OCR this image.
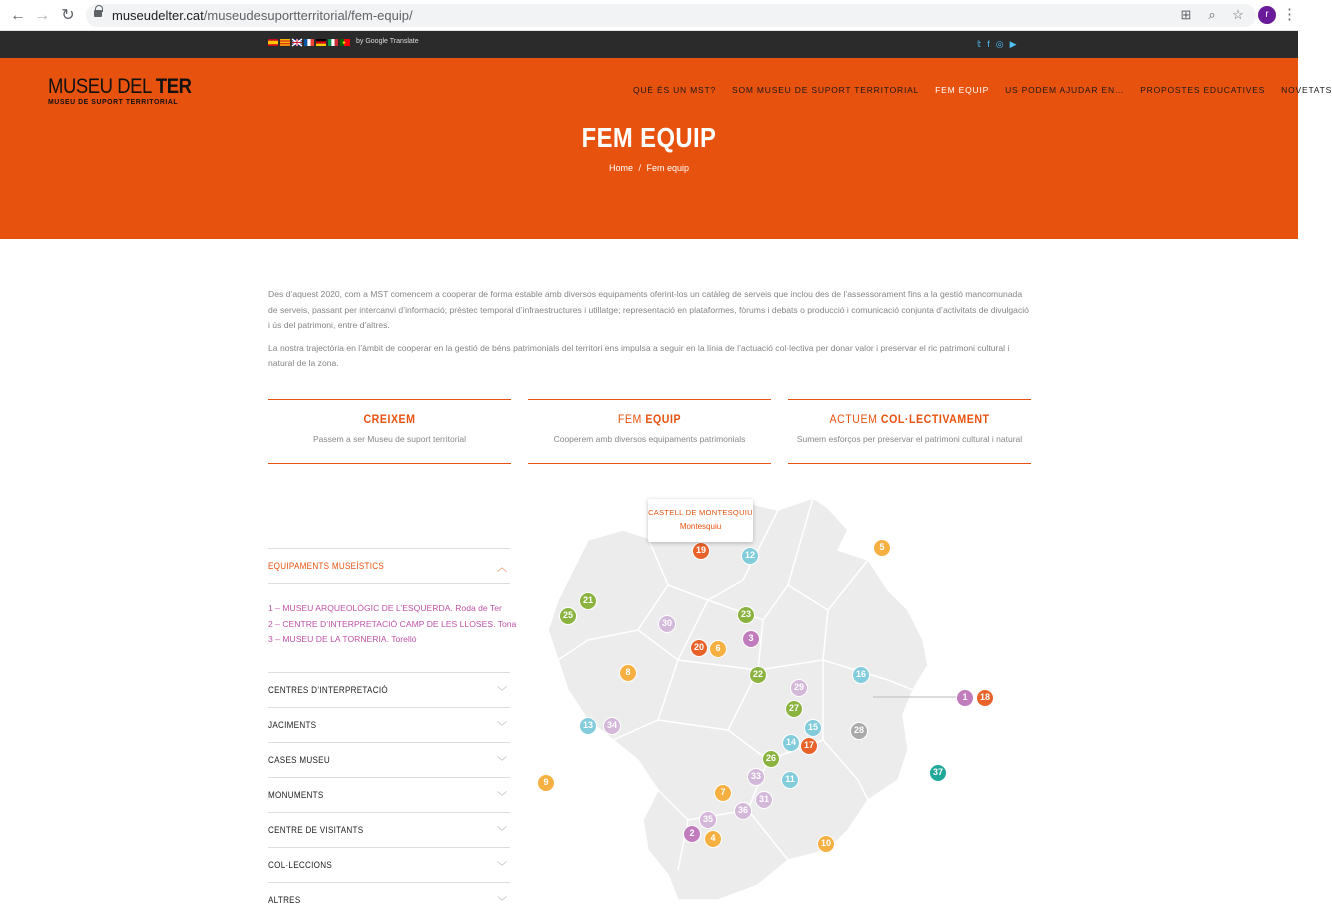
← → ↻	museudelter.cat/museudesuportterritorial/fem-equip/	⊞	⌕	☆	r ⋮
by Google Translate	𝕥 f ◎ ▶
MUSEU DEL TER
MUSEU DE SUPORT TERRITORIAL
QUÈ ÉS UN MST? SOM MUSEU DE SUPORT TERRITORIAL FEM EQUIP US PODEM AJUDAR EN… PROPOSTES EDUCATIVES NOVETATS
FEM EQUIP
Home / Fem equip

Des d’aquest 2020, com a MST comencem a cooperar de forma estable amb diversos equipaments oferint-los un catàleg de serveis que inclou des de l’assessorament fins a la gestió mancomunada de serveis, passant per intercanvi d’informació; préstec temporal d’infraestructures i utillatge; representació en plataformes, fòrums i debats o producció i comunicació conjunta d’activitats de divulgació i ús del patrimoni, entre d’altres.

La nostra trajectòria en l’àmbit de cooperar en la gestió de béns patrimonials del territori ens impulsa a seguir en la línia de l’actuació col·lectiva per donar valor i preservar el ric patrimoni cultural i natural de la zona.

CREIXEM
Passem a ser Museu de suport territorial
FEM EQUIP
Cooperem amb diversos equipaments patrimonials
ACTUEM COL·LECTIVAMENT
Sumem esforços per preservar el patrimoni cultural i natural
EQUIPAMENTS MUSEÍSTICS	︿
1 – MUSEU ARQUEOLÒGIC DE L’ESQUERDA. Roda de Ter
2 – CENTRE D’INTERPRETACIÓ CAMP DE LES LLOSES. Tona
3 – MUSEU DE LA TORNERIA. Torelló
CENTRES D’INTERPRETACIÓ	﹀
JACIMENTS	﹀
CASES MUSEU	﹀
MONUMENTS	﹀
CENTRE DE VISITANTS	﹀
COL·LECCIONS	﹀
ALTRES	﹀
19	12
5
21
25
30
23
3
20	6
8	22	16
29
1	18
27
13	34	15	28
14 17
26
37
9
33	11
7
31
36
35
2	4	10
CASTELL DE MONTESQUIU
Montesquiu
